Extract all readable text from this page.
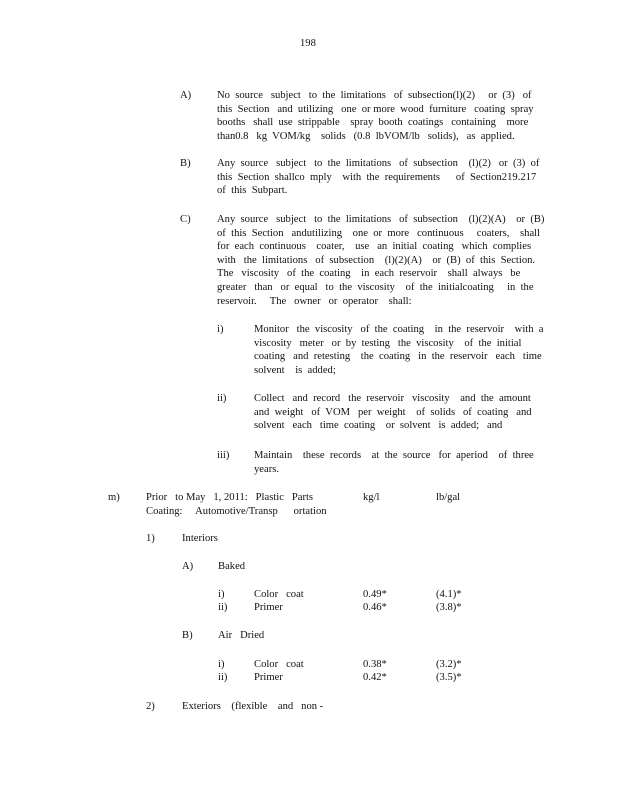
198
A) No  source   subject   to  the  limitations   of  subsection(l)(2)     or  (3)   of
this  Section   and  utilizing   one  or more  wood  furniture   coating  spray
booths   shall  use  strippable    spray  booth  coatings   containing    more
than0.8   kg  VOM/kg    solids   (0.8  lbVOM/lb   solids),   as  applied.
B) Any  source   subject   to  the  limitations   of  subsection    (l)(2)   or  (3)  of
this  Section  shallco  mply    with  the  requirements      of  Section219.217
of  this  Subpart.
C) Any  source   subject   to  the  limitations   of  subsection    (l)(2)(A)    or  (B)
of  this  Section   andutilizing    one  or  more   continuous     coaters,    shall
for  each  continuous    coater,    use   an  initial  coating   which  complies
with   the  limitations   of  subsection    (l)(2)(A)    or  (B)  of  this  Section.
The   viscosity   of  the  coating    in  each  reservoir    shall  always   be
greater   than   or  equal   to  the  viscosity    of  the  initialcoating     in  the
reservoir.     The   owner   or  operator    shall:
i)	Monitor   the  viscosity   of  the  coating    in  the  reservoir    with  a
viscosity   meter   or  by  testing   the  viscosity    of  the  initial
coating   and  retesting    the  coating   in  the  reservoir   each   time
solvent    is  added;
ii)	Collect   and  record   the  reservoir   viscosity    and  the  amount
and  weight   of  VOM   per  weight    of  solids   of  coating   and
solvent   each   time  coating    or  solvent   is  added;   and
iii) Maintain    these  records    at  the  source   for  aperiod    of  three
years.
m) Prior   to May   1, 2011:   Plastic   Parts
Coating:     Automotive/Transp      ortation
kg/l	lb/gal
1)	Interiors
A) Baked
i)	Color   coat	0.49*	(4.1)*
ii)	Primer	0.46*	(3.8)*
B) Air   Dried
i)	Color   coat	0.38*	(3.2)*
ii)	Primer	0.42*	(3.5)*
2)	Exteriors    (flexible    and   non -
